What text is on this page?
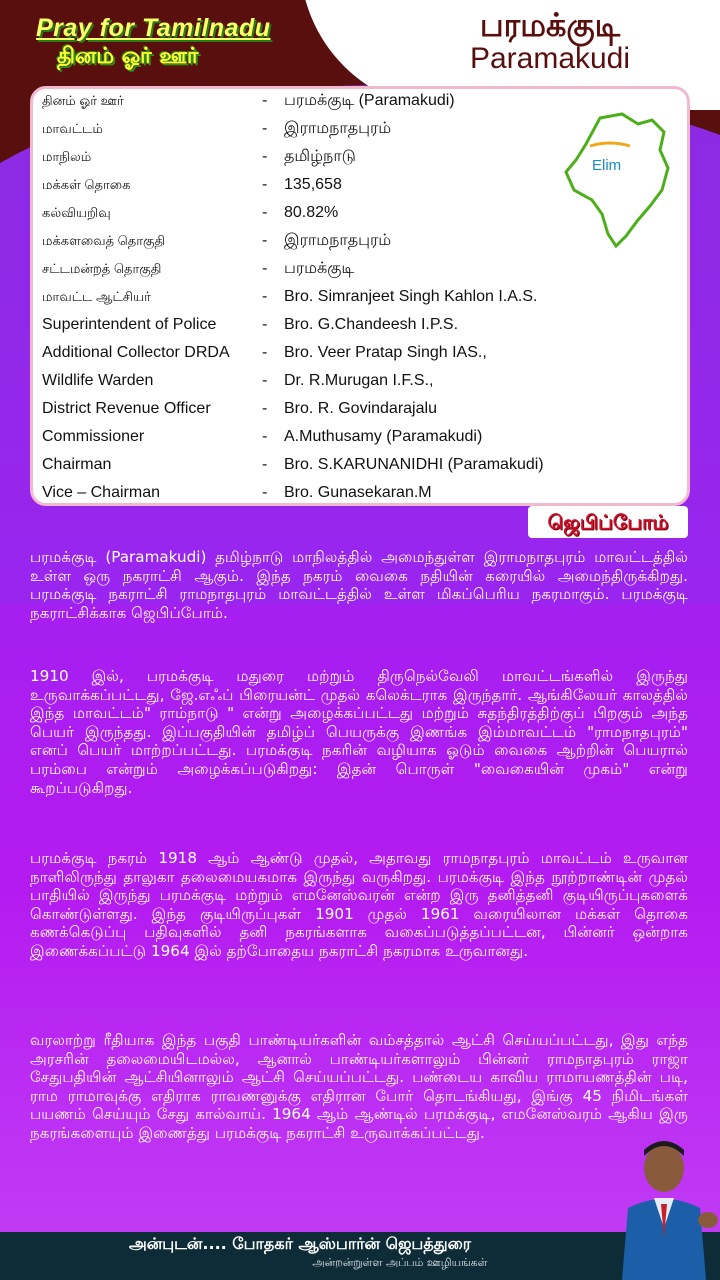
Pray for Tamilnadu
தினம் ஓர் ஊர்
பரமக்குடி
Paramakudi
தினம் ஓர் ஊர்	-	பரமக்குடி (Paramakudi)
மாவட்டம்	-	இராமநாதபுரம்
மாநிலம்	-	தமிழ்நாடு
மக்கள் தொகை	-	135,658
கல்வியறிவு	-	80.82%
மக்களவைத் தொகுதி	-	இராமநாதபுரம்
சட்டமன்றத் தொகுதி	-	பரமக்குடி
மாவட்ட ஆட்சியர்	-	Bro. Simranjeet Singh Kahlon I.A.S.
Superintendent of Police	-	Bro. G.Chandeesh I.P.S.
Additional Collector DRDA	-	Bro. Veer Pratap Singh IAS.,
Wildlife Warden	-	Dr. R.Murugan I.F.S.,
District Revenue Officer	-	Bro. R. Govindarajalu
Commissioner	-	A.Muthusamy (Paramakudi)
Chairman	-	Bro. S.KARUNANIDHI (Paramakudi)
Vice – Chairman	-	Bro. Gunasekaran.M
Elim
ஜெபிப்போம்
பரமக்குடி (Paramakudi) தமிழ்நாடு மாநிலத்தில் அமைந்துள்ள இராமநாதபுரம் மாவட்டத்தில் உள்ள ஒரு நகராட்சி ஆகும். இந்த நகரம் வைகை நதியின் கரையில் அமைந்திருக்கிறது. பரமக்குடி நகராட்சி ராமநாதபுரம் மாவட்டத்தில் உள்ள மிகப்பெரிய நகரமாகும். பரமக்குடி நகராட்சிக்காக ஜெபிப்போம்.
1910 இல், பரமக்குடி மதுரை மற்றும் திருநெல்வேலி மாவட்டங்களில் இருந்து உருவாக்கப்பட்டது, ஜே.எஃப் பிரையன்ட் முதல் கலெக்டராக இருந்தார். ஆங்கிலேயர் காலத்தில் இந்த மாவட்டம்" ராம்நாடு " என்று அழைக்கப்பட்டது மற்றும் சுதந்திரத்திற்குப் பிறகும் அந்த பெயர் இருந்தது. இப்பகுதியின் தமிழ்ப் பெயருக்கு இணங்க இம்மாவட்டம் "ராமநாதபுரம்" எனப் பெயர் மாற்றப்பட்டது. பரமக்குடி நகரின் வழியாக ஓடும் வைகை ஆற்றின் பெயரால் பரம்பை என்றும் அழைக்கப்படுகிறது: இதன் பொருள் "வைகையின் முகம்" என்று கூறப்படுகிறது.
பரமக்குடி நகரம் 1918 ஆம் ஆண்டு முதல், அதாவது ராமநாதபுரம் மாவட்டம் உருவான நாளிலிருந்து தாலுகா தலைமையகமாக இருந்து வருகிறது. பரமக்குடி இந்த நூற்றாண்டின் முதல் பாதியில் இருந்து பரமக்குடி மற்றும் எமனேஸ்வரன் என்ற இரு தனித்தனி குடியிருப்புகளைக் கொண்டுள்ளது. இந்த குடியிருப்புகள் 1901 முதல் 1961 வரையிலான மக்கள் தொகை கணக்கெடுப்பு பதிவுகளில் தனி நகரங்களாக வகைப்படுத்தப்பட்டன, பின்னர் ஒன்றாக இணைக்கப்பட்டு 1964 இல் தற்போதைய நகராட்சி நகரமாக உருவானது.
வரலாற்று ரீதியாக இந்த பகுதி பாண்டியர்களின் வம்சத்தால் ஆட்சி செய்யப்பட்டது, இது எந்த அரசரின் தலைமையிடமல்ல, ஆனால் பாண்டியர்களாலும் பின்னர் ராமநாதபுரம் ராஜா சேதுபதியின் ஆட்சியினாலும் ஆட்சி செய்யப்பட்டது. பண்டைய காவிய ராமாயணத்தின் படி, ராம ராமாவுக்கு எதிராக ராவணனுக்கு எதிரான போர் தொடங்கியது, இங்கு 45 நிமிடங்கள் பயணம் செய்யும் சேது கால்வாய். 1964 ஆம் ஆண்டில் பரமக்குடி, எமனேஸ்வரம் ஆகிய இரு நகரங்களையும் இணைத்து பரமக்குடி நகராட்சி உருவாக்கப்பட்டது.
அன்புடன்.... போதகர் ஆஸ்பார்ன் ஜெபத்துரை
அன்றன்றுள்ள அப்பம் ஊழியங்கள்
